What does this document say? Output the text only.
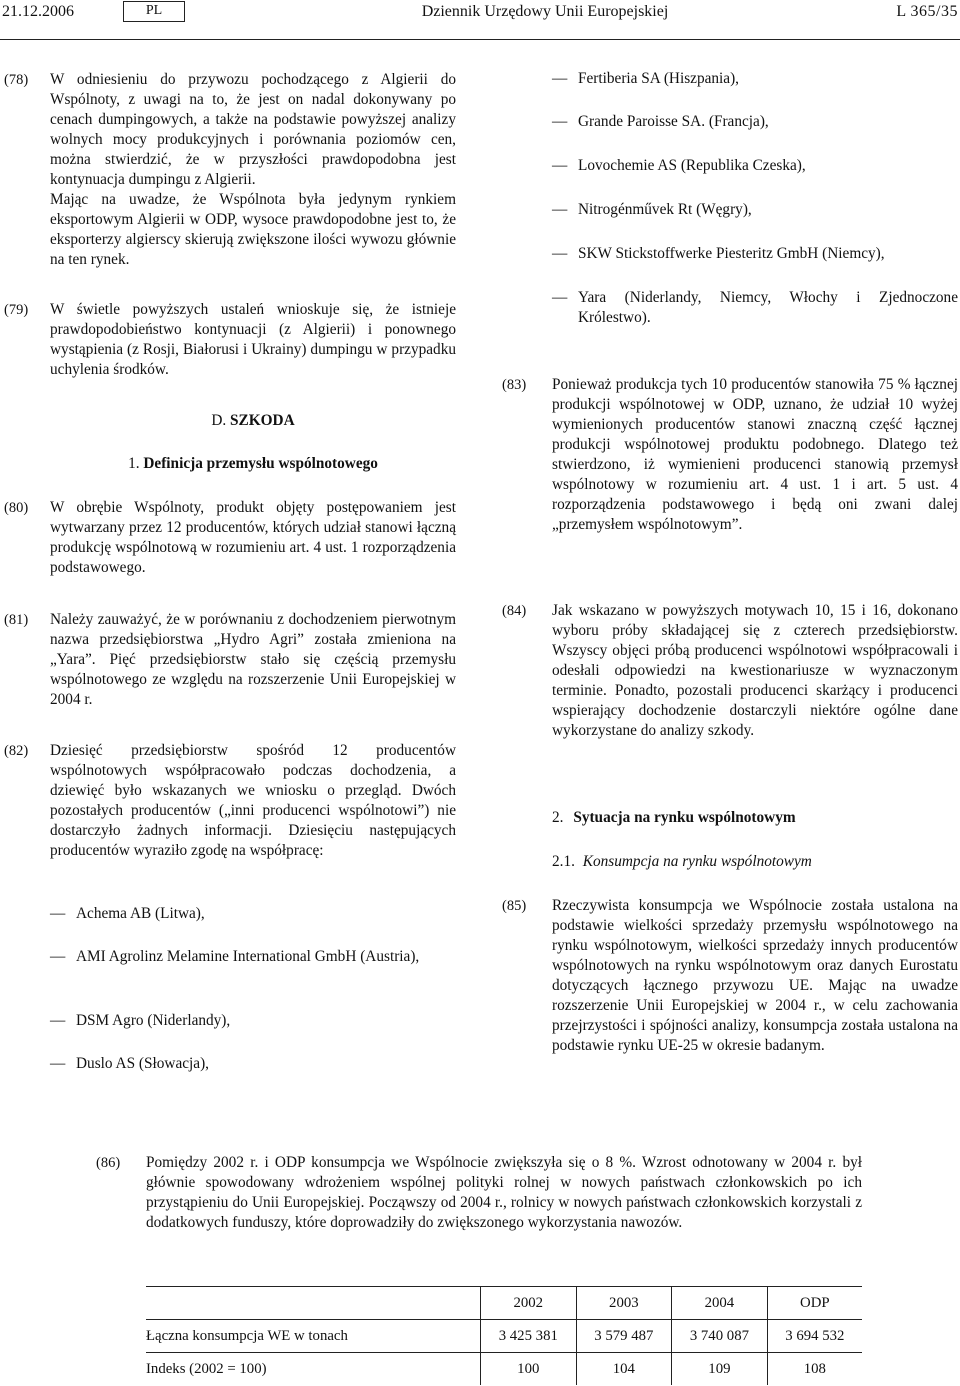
21.12.2006	PL	Dziennik Urzędowy Unii Europejskiej	L 365/35
(78) W odniesieniu do przywozu pochodzącego z Algierii do Wspólnoty, z uwagi na to, że jest on nadal dokonywany po cenach dumpingowych, a także na podstawie powyższej analizy wolnych mocy produkcyjnych i porównania poziomów cen, można stwierdzić, że w przyszłości prawdopodobna jest kontynuacja dumpingu z Algierii.

Mając na uwadze, że Wspólnota była jedynym rynkiem eksportowym Algierii w ODP, wysoce prawdopodobne jest to, że eksporterzy algierscy skierują zwiększone ilości wywozu głównie na ten rynek.

(79) W świetle powyższych ustaleń wnioskuje się, że istnieje prawdopodobieństwo kontynuacji (z Algierii) i ponownego wystąpienia (z Rosji, Białorusi i Ukrainy) dumpingu w przypadku uchylenia środków.

D. SZKODA
1. Definicja przemysłu wspólnotowego
(80) W obrębie Wspólnoty, produkt objęty postępowaniem jest wytwarzany przez 12 producentów, których udział stanowi łączną produkcję wspólnotową w rozumieniu art. 4 ust. 1 rozporządzenia podstawowego.

(81) Należy zauważyć, że w porównaniu z dochodzeniem pierwotnym nazwa przedsiębiorstwa „Hydro Agri” została zmieniona na „Yara”. Pięć przedsiębiorstw stało się częścią przemysłu wspólnotowego ze względu na rozszerzenie Unii Europejskiej w 2004 r.

(82) Dziesięć przedsiębiorstw spośród 12 producentów wspólnotowych współpracowało podczas dochodzenia, a dziewięć było wskazanych we wniosku o przegląd. Dwóch pozostałych producentów („inni producenci wspólnotowi”) nie dostarczyło żadnych informacji. Dziesięciu następujących producentów wyraziło zgodę na współpracę:

— Achema AB (Litwa),
— AMI Agrolinz Melamine International GmbH (Austria),
— DSM Agro (Niderlandy),
— Duslo AS (Słowacja),
— Fertiberia SA (Hiszpania),
— Grande Paroisse SA. (Francja),
— Lovochemie AS (Republika Czeska),
— Nitrogénművek Rt (Węgry),
— SKW Stickstoffwerke Piesteritz GmbH (Niemcy),
— Yara (Niderlandy, Niemcy, Włochy i Zjednoczone Królestwo).
(83) Ponieważ produkcja tych 10 producentów stanowiła 75 % łącznej produkcji wspólnotowej w ODP, uznano, że udział 10 wyżej wymienionych producentów stanowi znaczną część łącznej produkcji wspólnotowej produktu podobnego. Dlatego też stwierdzono, iż wymienieni producenci stanowią przemysł wspólnotowy w rozumieniu art. 4 ust. 1 i art. 5 ust. 4 rozporządzenia podstawowego i będą oni zwani dalej „przemysłem wspólnotowym”.

(84) Jak wskazano w powyższych motywach 10, 15 i 16, dokonano wyboru próby składającej się z czterech przedsiębiorstw. Wszyscy objęci próbą producenci wspólnotowi współpracowali i odesłali odpowiedzi na kwestionariusze w wyznaczonym terminie. Ponadto, pozostali producenci skarżący i producenci wspierający dochodzenie dostarczyli niektóre ogólne dane wykorzystane do analizy szkody.

2. Sytuacja na rynku wspólnotowym
2.1. Konsumpcja na rynku wspólnotowym
(85) Rzeczywista konsumpcja we Wspólnocie została ustalona na podstawie wielkości sprzedaży przemysłu wspólnotowego na rynku wspólnotowym, wielkości sprzedaży innych producentów wspólnotowych na rynku wspólnotowym oraz danych Eurostatu dotyczących łącznego przywozu UE. Mając na uwadze rozszerzenie Unii Europejskiej w 2004 r., w celu zachowania przejrzystości i spójności analizy, konsumpcja została ustalona na podstawie rynku UE-25 w okresie badanym.

(86) Pomiędzy 2002 r. i ODP konsumpcja we Wspólnocie zwiększyła się o 8 %. Wzrost odnotowany w 2004 r. był głównie spowodowany wdrożeniem wspólnej polityki rolnej w nowych państwach członkowskich po ich przystąpieniu do Unii Europejskiej. Począwszy od 2004 r., rolnicy w nowych państwach członkowskich korzystali z dodatkowych funduszy, które doprowadziły do zwiększonego wykorzystania nawozów.
	2002	2003	2004	ODP
Łączna konsumpcja WE w tonach	3 425 381	3 579 487	3 740 087	3 694 532
Indeks (2002 = 100)	100	104	109	108
